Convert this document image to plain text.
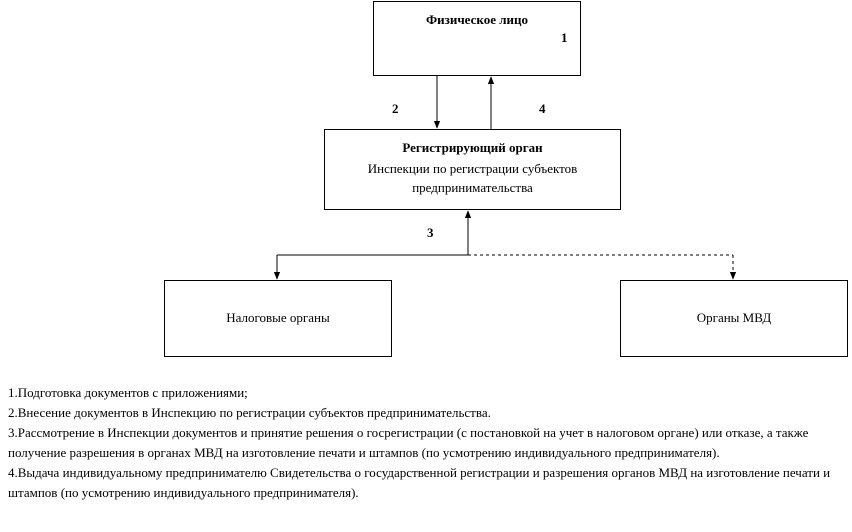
Физическое лицо
1
Регистрирующий орган
Инспекции по регистрации субъектов предпринимательства
Налоговые органы	Органы МВД
2	4
3
1.Подготовка документов с приложениями;
2.Внесение документов в Инспекцию по регистрации субъектов предпринимательства.
3.Рассмотрение в Инспекции документов и принятие решения о госрегистрации (с постановкой на учет в налоговом органе) или отказе, а также получение разрешения в органах МВД на изготовление печати и штампов (по усмотрению индивидуального предпринимателя).
4.Выдача индивидуальному предпринимателю Свидетельства о государственной регистрации и разрешения органов МВД на изготовление печати и штампов (по усмотрению индивидуального предпринимателя).
